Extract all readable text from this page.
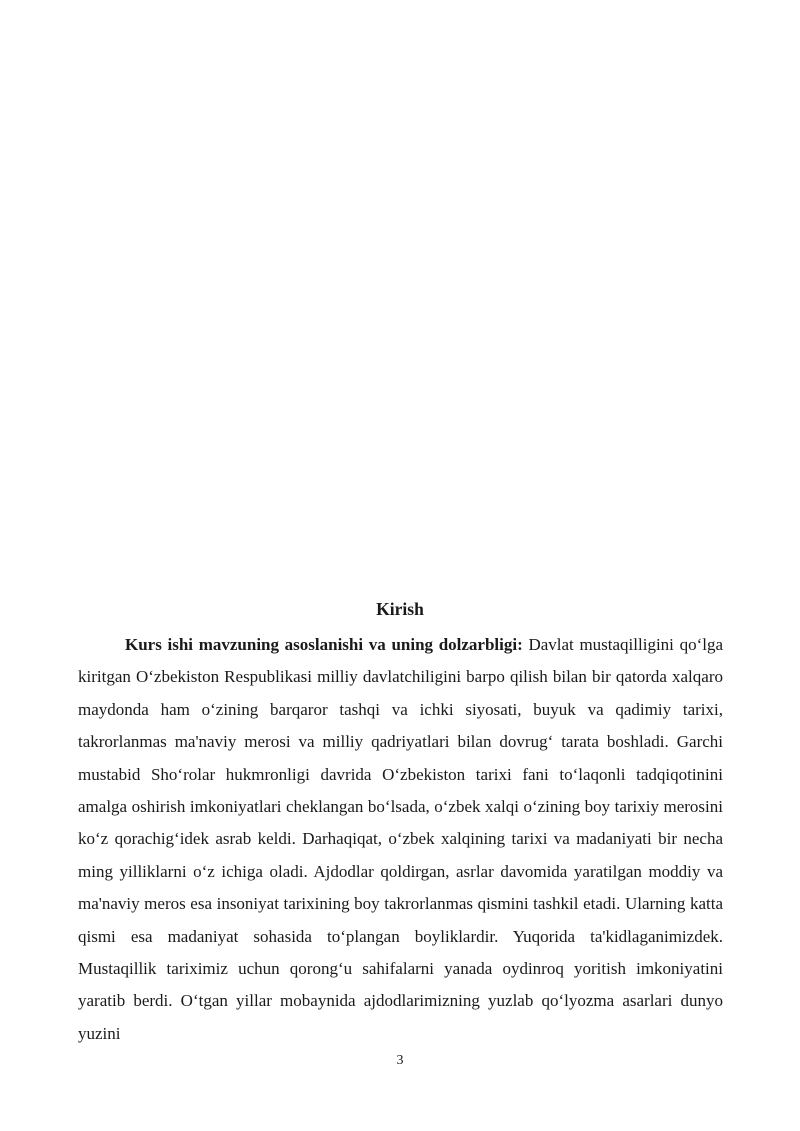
Kirish

Kurs ishi mavzuning asoslanishi va uning dolzarbligi: Davlat mustaqilligini qo‘lga kiritgan O‘zbekiston Respublikasi milliy davlatchiligini barpo qilish bilan bir qatorda xalqaro maydonda ham o‘zining barqaror tashqi va ichki siyosati, buyuk va qadimiy tarixi, takrorlanmas ma'naviy merosi va milliy qadriyatlari bilan dovrug‘ tarata boshladi. Garchi mustabid Sho‘rolar hukmronligi davrida O‘zbekiston tarixi fani to‘laqonli tadqiqotinini amalga oshirish imkoniyatlari cheklangan bo‘lsada, o‘zbek xalqi o‘zining boy tarixiy merosini ko‘z qorachig‘idek asrab keldi. Darhaqiqat, o‘zbek xalqining tarixi va madaniyati bir necha ming yilliklarni o‘z ichiga oladi. Ajdodlar qoldirgan, asrlar davomida yaratilgan moddiy va ma'naviy meros esa insoniyat tarixining boy takrorlanmas qismini tashkil etadi. Ularning katta qismi esa madaniyat sohasida to‘plangan boyliklardir. Yuqorida ta'kidlaganimizdek. Mustaqillik tariximiz uchun qorong‘u sahifalarni yanada oydinroq yoritish imkoniyatini yaratib berdi. O‘tgan yillar mobaynida ajdodlarimizning yuzlab qo‘lyozma asarlari dunyo yuzini

3
